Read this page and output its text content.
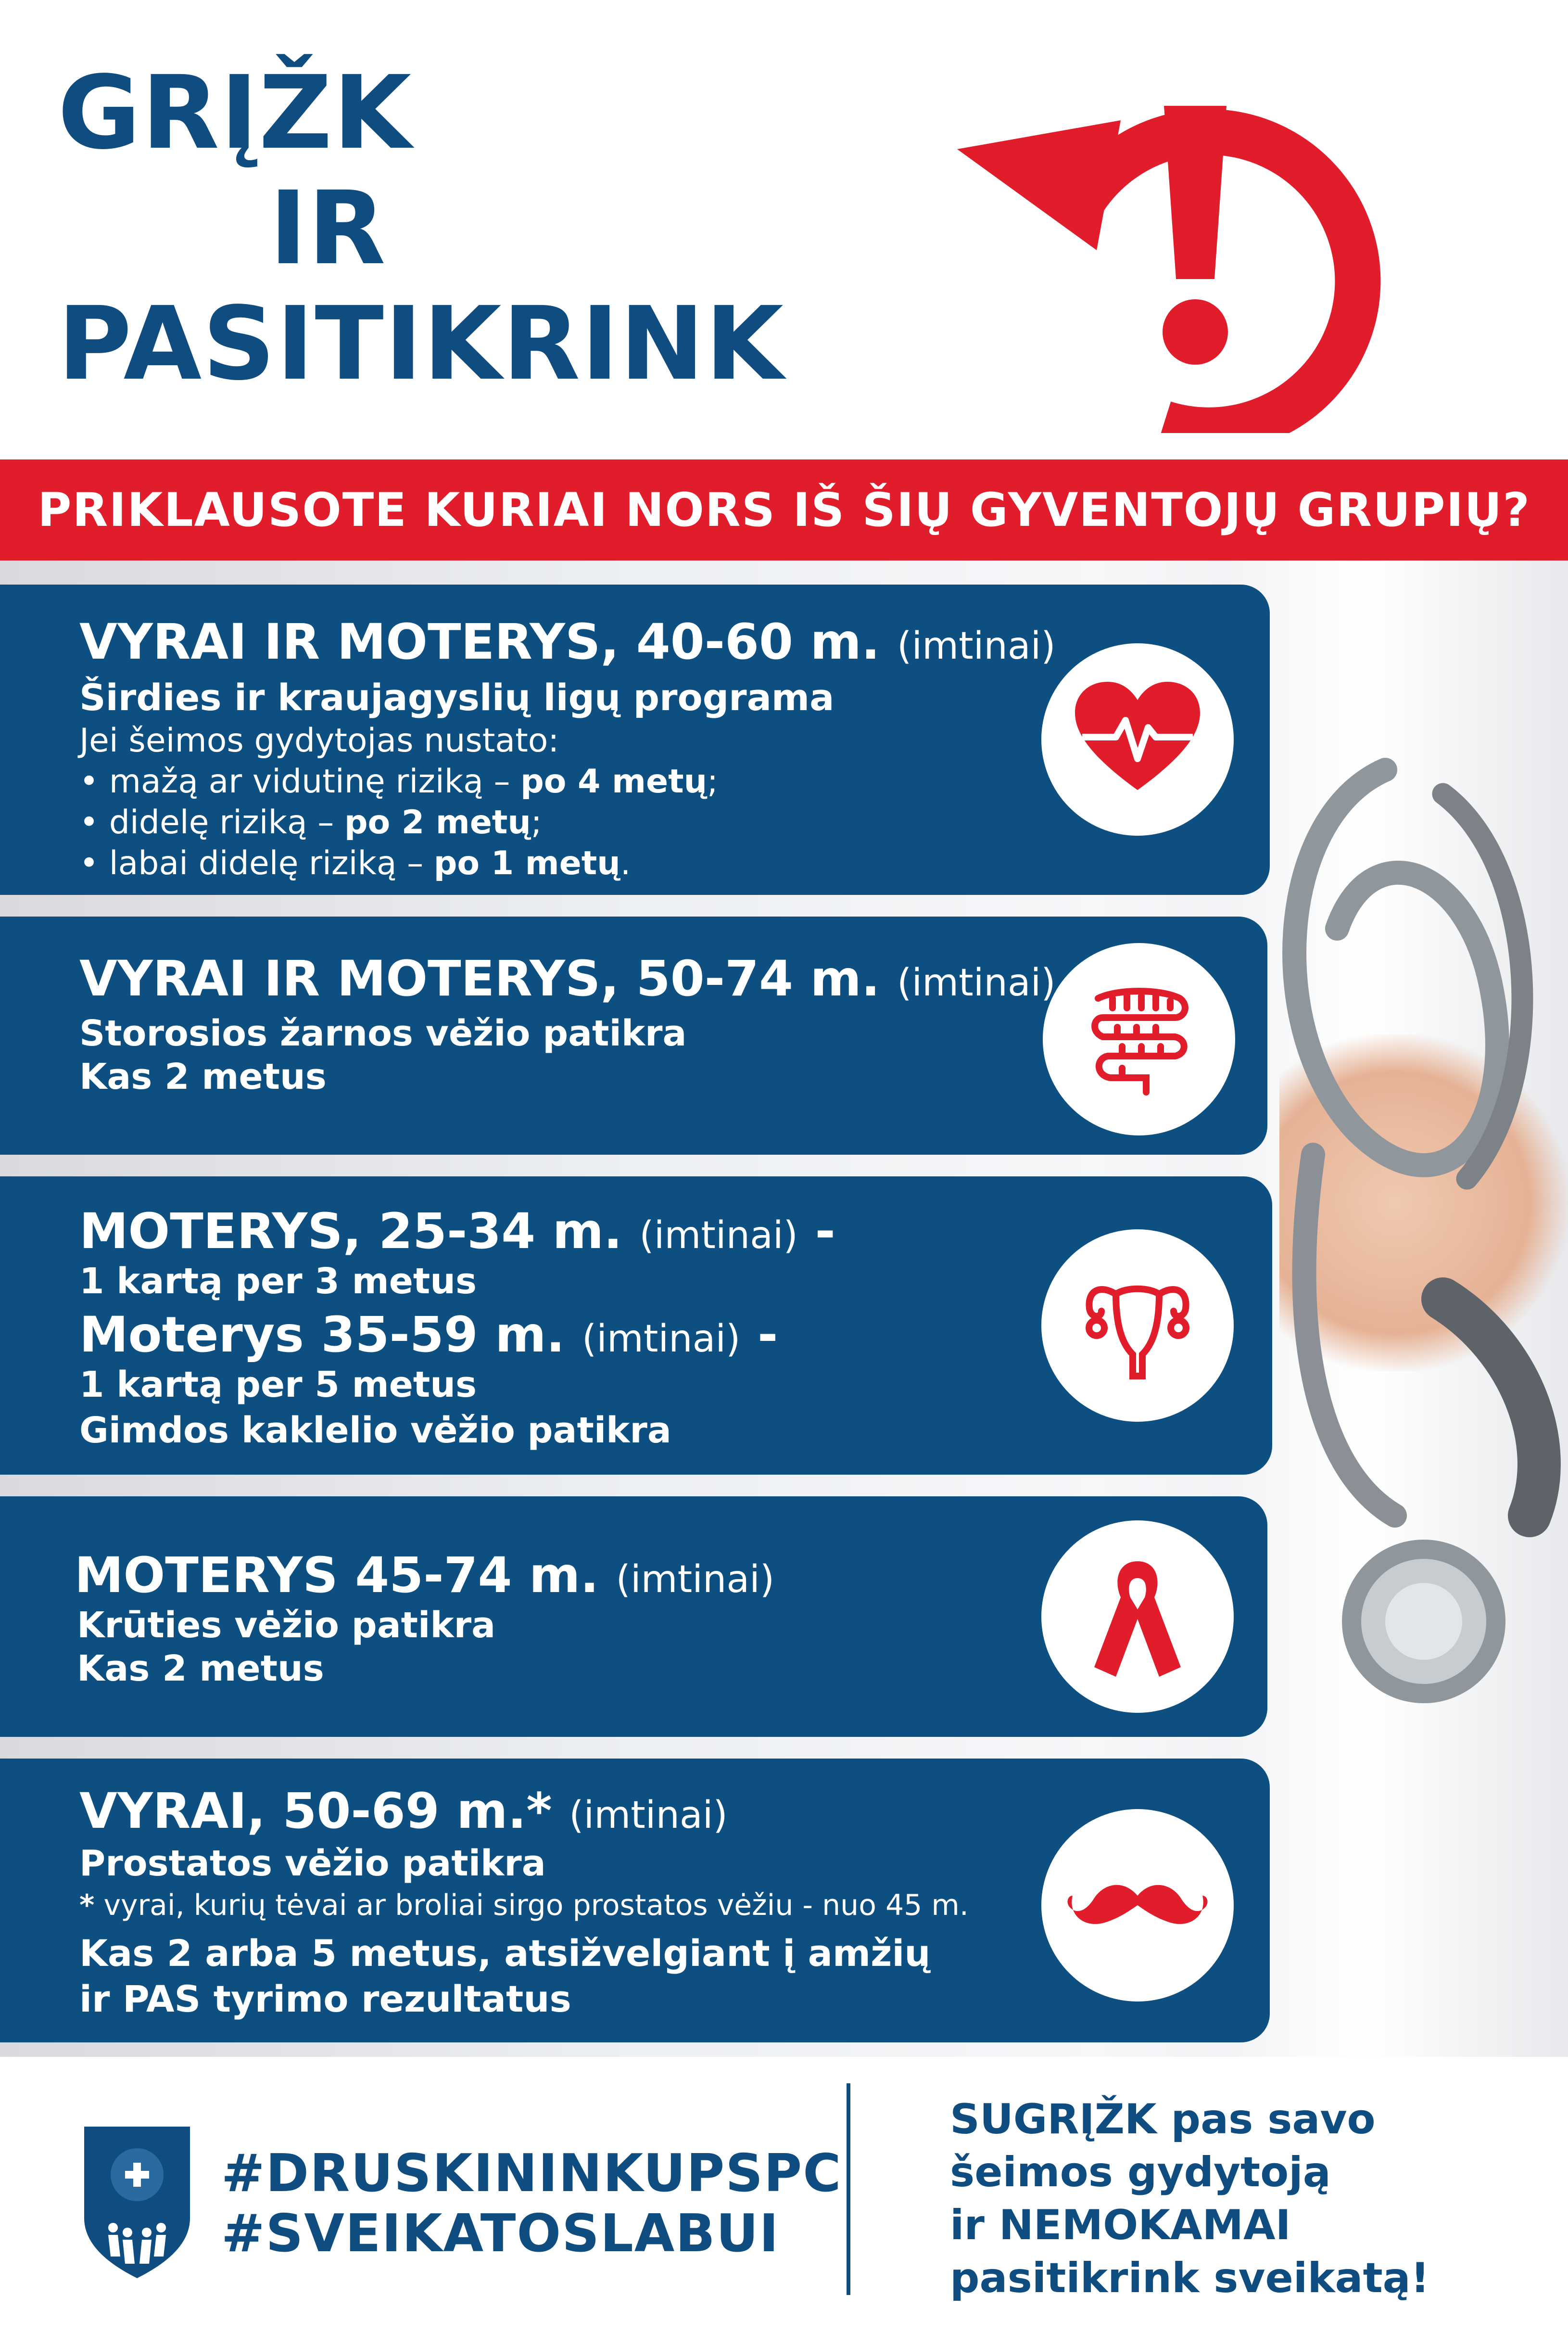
GRĮŽK
IR
PASITIKRINK
PRIKLAUSOTE KURIAI NORS IŠ ŠIŲ GYVENTOJŲ GRUPIŲ?
VYRAI IR MOTERYS, 40-60 m. (imtinai)
Širdies ir kraujagyslių ligų programa
Jei šeimos gydytojas nustato:
• mažą ar vidutinę riziką – po 4 metų;
• didelę riziką – po 2 metų;
• labai didelę riziką – po 1 metų.
VYRAI IR MOTERYS, 50-74 m. (imtinai)
Storosios žarnos vėžio patikra
Kas 2 metus
MOTERYS, 25-34 m. (imtinai) -
1 kartą per 3 metus
Moterys 35-59 m. (imtinai) -
1 kartą per 5 metus
Gimdos kaklelio vėžio patikra
MOTERYS 45-74 m. (imtinai)
Krūties vėžio patikra
Kas 2 metus
VYRAI, 50-69 m.* (imtinai)
Prostatos vėžio patikra
* vyrai, kurių tėvai ar broliai sirgo prostatos vėžiu - nuo 45 m.
Kas 2 arba 5 metus, atsižvelgiant į amžių
ir PAS tyrimo rezultatus
#DRUSKININKUPSPC
#SVEIKATOSLABUI
SUGRĮŽK pas savo
šeimos gydytoją
ir NEMOKAMAI
pasitikrink sveikatą!
